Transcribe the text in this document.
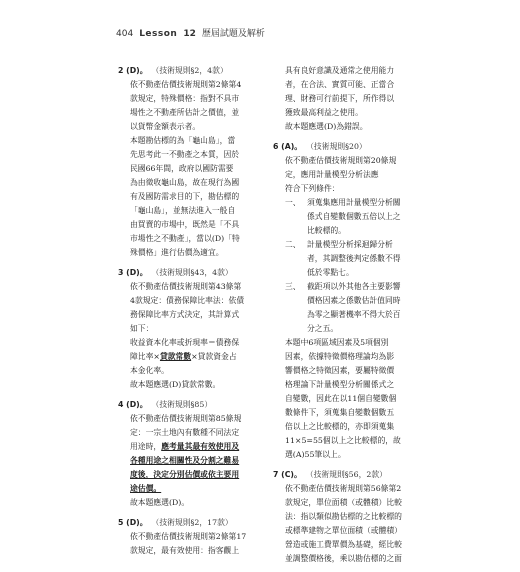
404 Lesson 12 歷屆試題及解析
2 (D)。 （技術規則§2，4款）
依不動產估價技術規則第2條第4
款規定，特殊價格：指對不具市
場性之不動產所估計之價值，並
以貨幣金額表示者。
本題勘估標的為「龜山島」，當
先思考此一不動產之本質，因於
民國66年間，政府以國防需要
為由徵收龜山島，故在現行為國
有及國防需求目的下，勘估標的
「龜山島」，並無法進入一般自
由買賣的市場中，既然是「不具
市場性之不動產」，當以(D)「特
殊價格」進行估價為適宜。
3 (D)。 （技術規則§43，4款）
依不動產估價技術規則第43條第
4款規定：債務保障比率法：依債
務保障比率方式決定，其計算式
如下：
收益資本化率或折現率＝債務保
障比率×貸款常數×貸款資金占
本金化率。
故本題應選(D)貸款常數。
4 (D)。 （技術規則§85）
依不動產估價技術規則第85條規
定：一宗土地內有數種不同法定
用途時，應考量其最有效使用及
各種用途之相關性及分割之難易
度後，決定分別估價或依主要用
途估價。
故本題應選(D)。
5 (D)。 （技術規則§2，17款）
依不動產估價技術規則第2條第17
款規定，最有效使用：指客觀上
具有良好意識及通常之使用能力
者，在合法、實質可能、正當合
理、財務可行前提下，所作得以
獲致最高利益之使用。
故本題應選(D)為錯誤。
6 (A)。 （技術規則§20）
依不動產估價技術規則第20條規
定，應用計量模型分析法應
符合下列條件：
一、 須蒐集應用計量模型分析關
係式自變數個數五倍以上之
比較標的。
二、 計量模型分析採迴歸分析
者，其調整後判定係數不得
低於零點七。
三、 截距項以外其他各主要影響
價格因素之係數估計值同時
為零之顯著機率不得大於百
分之五。
本題中6項區域因素及5項個別
因素，依據特徵價格理論均為影
響價格之特徵因素，要屬特徵價
格理論下計量模型分析關係式之
自變數，因此在以11個自變數個
數條件下，須蒐集自變數個數五
倍以上之比較標的，亦即須蒐集
11×5=55個以上之比較標的，故
選(A)55筆以上。
7 (C)。 （技術規則§56，2款）
依不動產估價技術規則第56條第2
款規定，單位面積（或體積）比較
法：指以類似勘估標的之比較標的
或標準建物之單位面積（或體積）
營造或施工費單價為基礎，經比較
並調整價格後，乘以勘估標的之面
